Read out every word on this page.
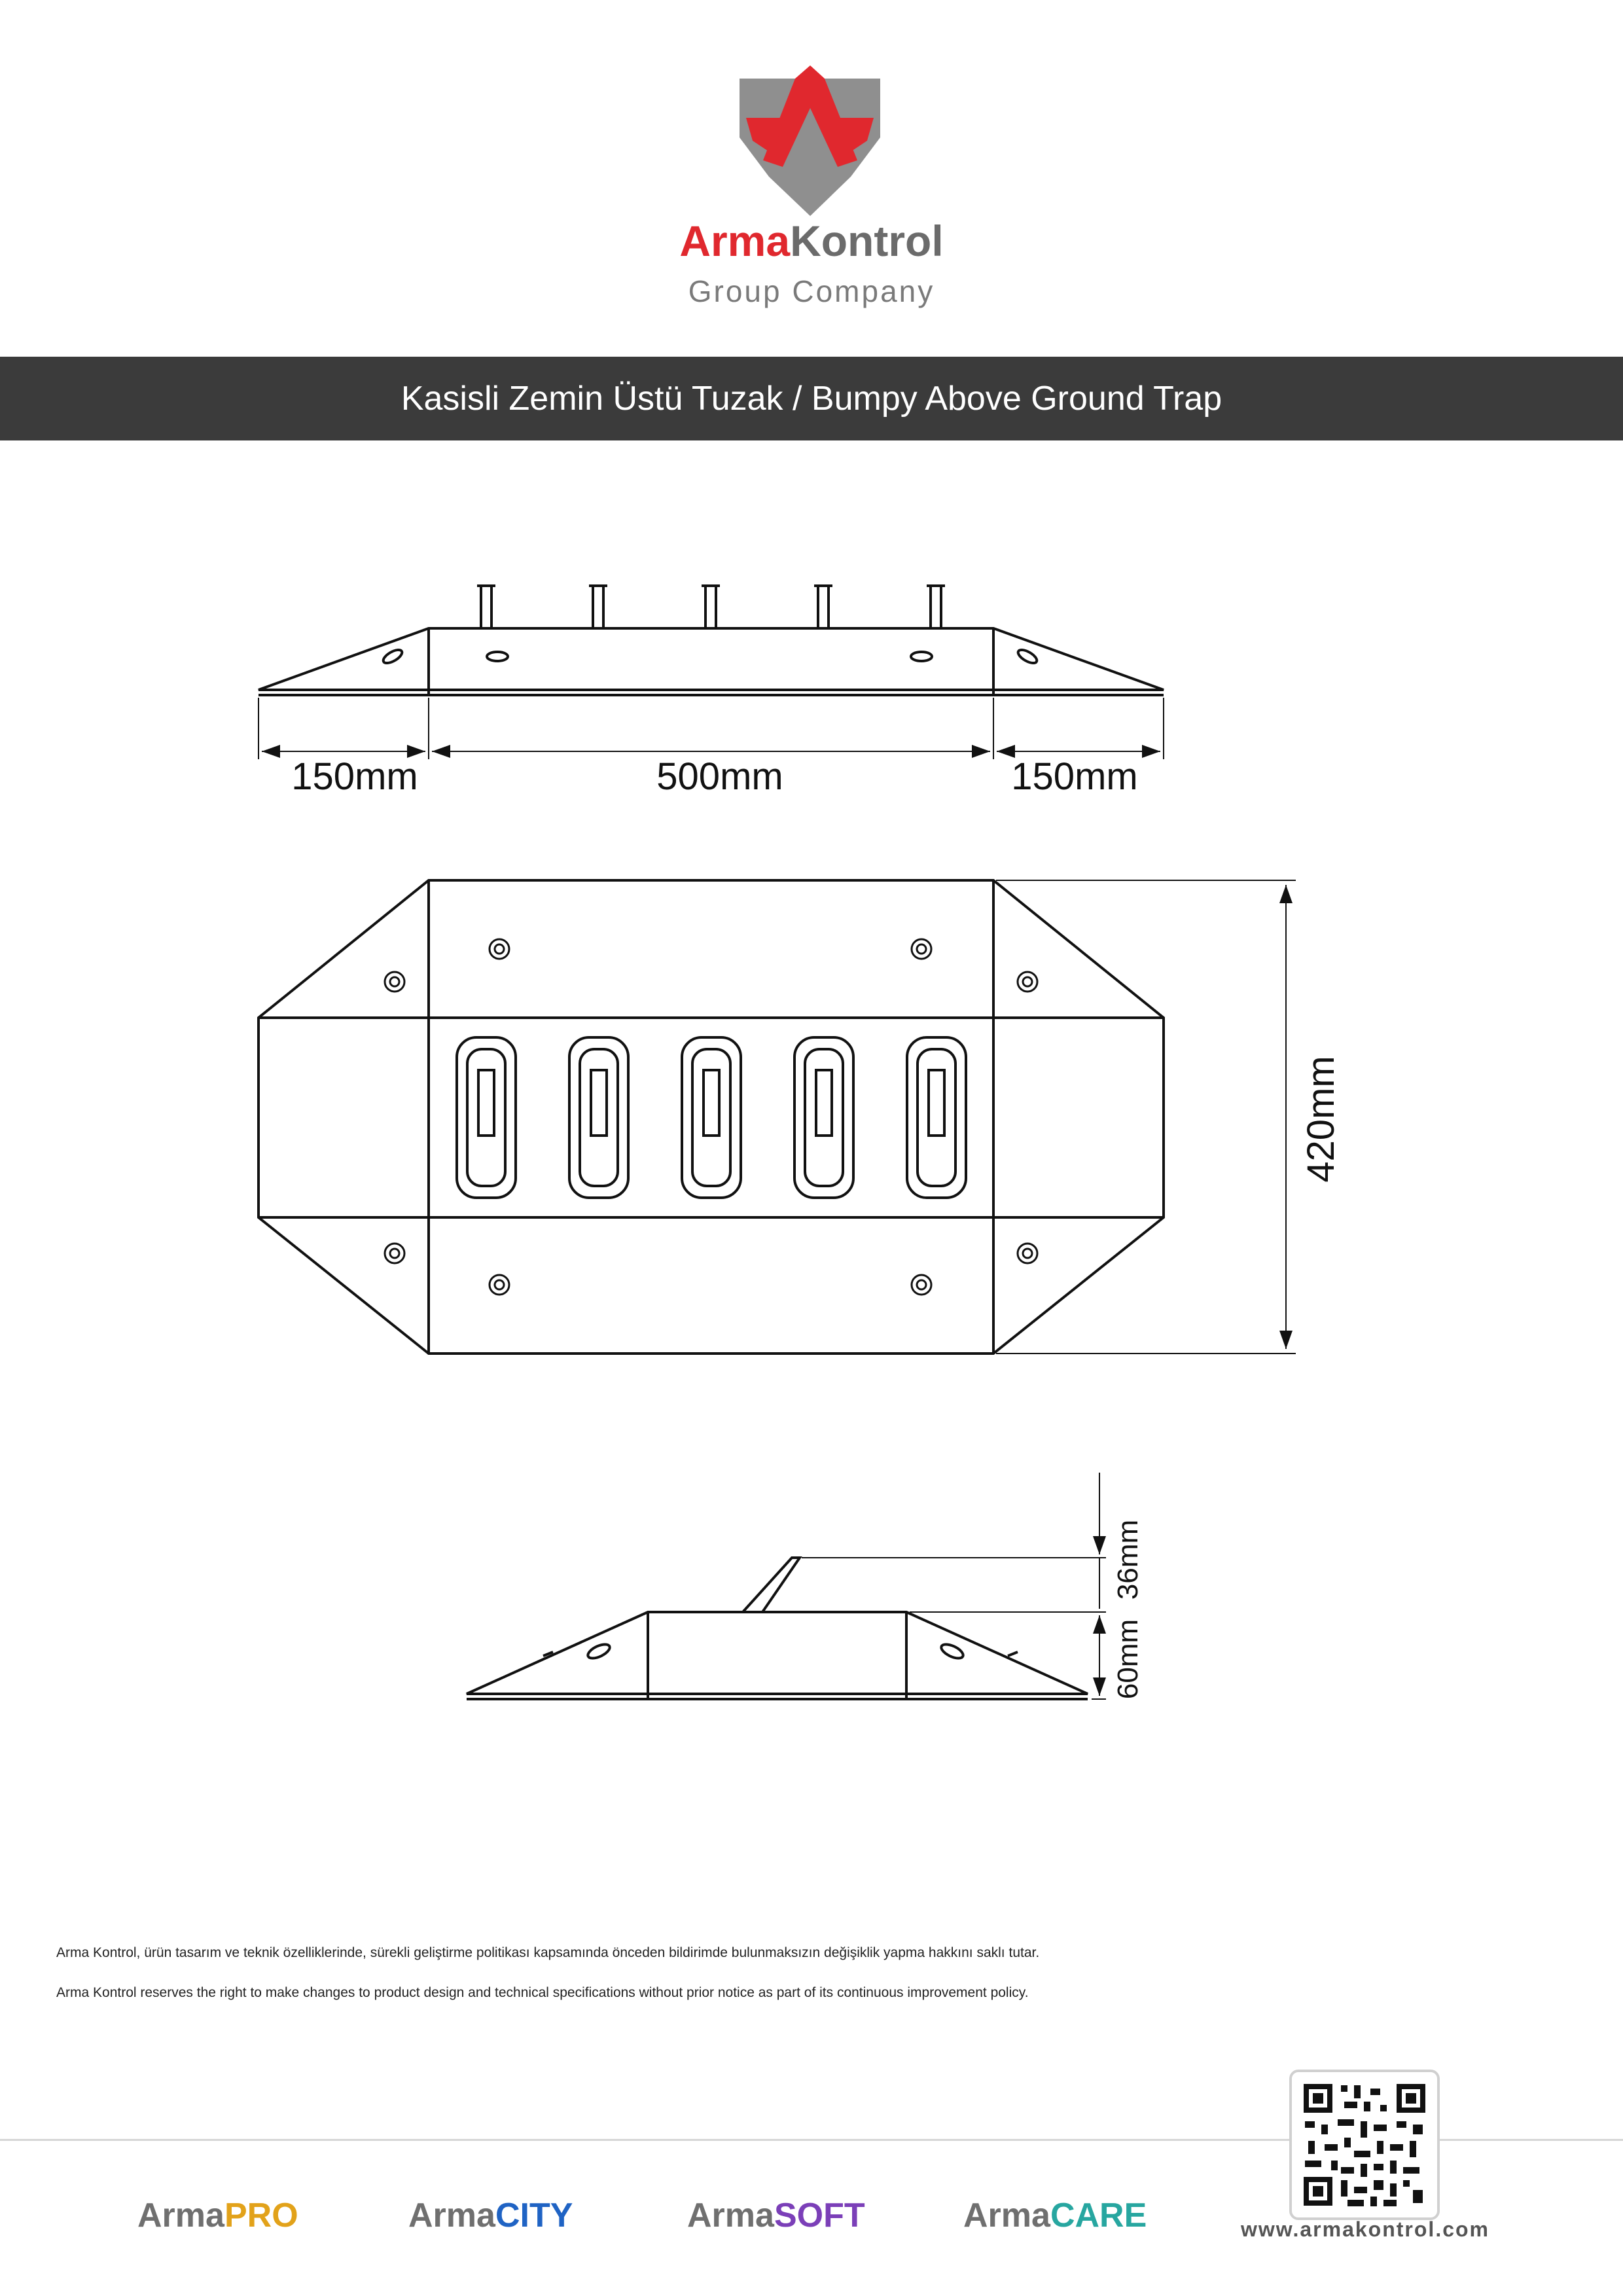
ArmaKontrol
Group Company
Kasisli Zemin Üstü Tuzak / Bumpy Above Ground Trap
150mm	500mm	150mm
420mm
36mm
60mm
Arma Kontrol, ürün tasarım ve teknik özelliklerinde, sürekli geliştirme politikası kapsamında önceden bildirimde bulunmaksızın değişiklik yapma hakkını saklı tutar.
Arma Kontrol reserves the right to make changes to product design and technical specifications without prior notice as part of its continuous improvement policy.
ArmaPRO	ArmaCITY	ArmaSOFT	ArmaCARE	www.armakontrol.com
